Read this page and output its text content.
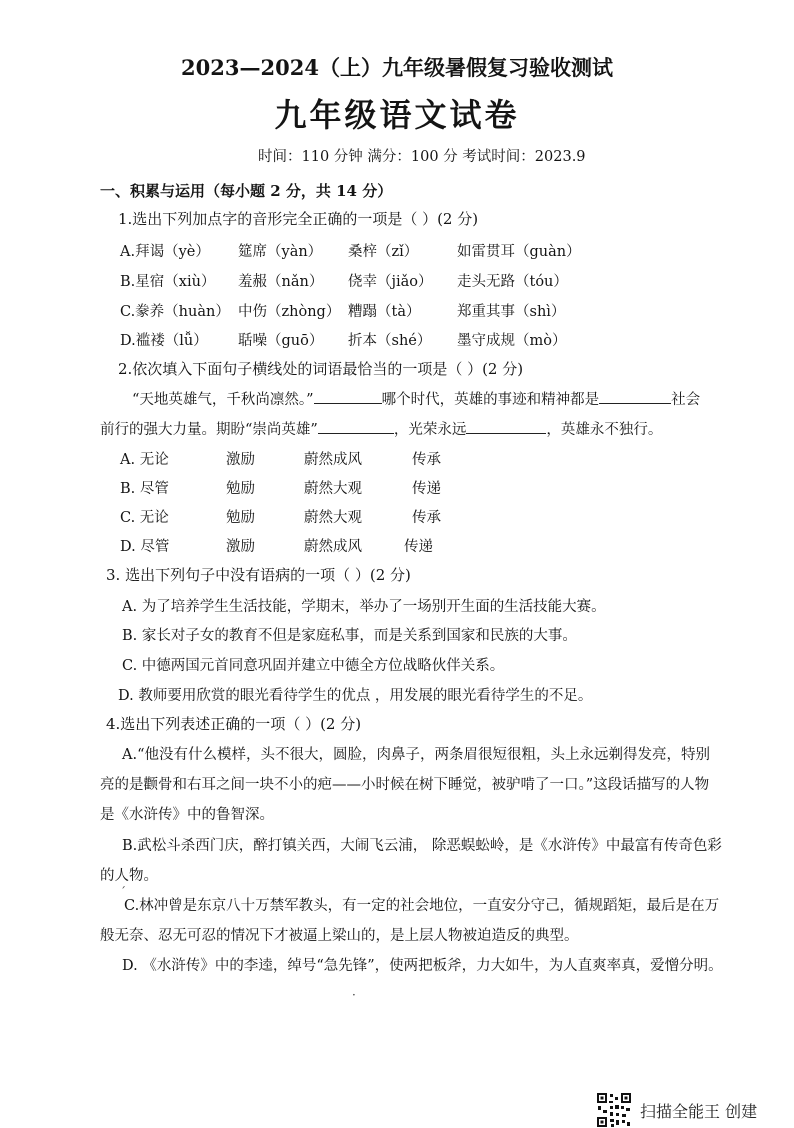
2023—2024（上）九年级暑假复习验收测试
九年级语文试卷
时间：110 分钟 满分：100 分 考试时间：2023.9
一、积累与运用（每小题 2 分，共 14 分）
1.选出下列加点字的音形完全正确的一项是（ ）(2 分)
A.拜谒（yè） 筵席（yàn） 桑梓（zǐ）	如雷贯耳（guàn）
B.星宿（xiù） 羞赧（nǎn） 侥幸（jiǎo） 走头无路（tóu）
C.豢养（huàn） 中伤（zhòng） 糟蹋（tà）	郑重其事（shì）
D.褴褛（lǚ） 聒噪（guō） 折本（shé） 墨守成规（mò）
2.依次填入下面句子横线处的词语最恰当的一项是（ ）(2 分)
“天地英雄气，千秋尚凛然。”	哪个时代，英雄的事迹和精神都是	社会
前行的强大力量。期盼“崇尚英雄”	，光荣永远	，英雄永不独行。
A. 无论	激励	蔚然成风	传承
B. 尽管	勉励	蔚然大观	传递
C. 无论	勉励	蔚然大观	传承
D. 尽管	激励	蔚然成风	传递
3. 选出下列句子中没有语病的一项（ ）(2 分)
A. 为了培养学生生活技能，学期末，举办了一场别开生面的生活技能大赛。
B. 家长对子女的教育不但是家庭私事，而是关系到国家和民族的大事。
C. 中德两国元首同意巩固并建立中德全方位战略伙伴关系。
D. 教师要用欣赏的眼光看待学生的优点 ，用发展的眼光看待学生的不足。
4.选出下列表述正确的一项（ ）(2 分)
A.“他没有什么模样，头不很大，圆脸，肉鼻子，两条眉很短很粗，头上永远剃得发亮，特别
亮的是颧骨和右耳之间一块不小的疤——小时候在树下睡觉，被驴啃了一口。”这段话描写的人物
是《水浒传》中的鲁智深。
B.武松斗杀西门庆，醉打镇关西，大闹飞云浦， 除恶蜈蚣岭，是《水浒传》中最富有传奇色彩
的人物。
C.林冲曾是东京八十万禁军教头，有一定的社会地位，一直安分守己，循规蹈矩，最后是在万
般无奈、忍无可忍的情况下才被逼上梁山的，是上层人物被迫造反的典型。
D. 《水浒传》中的李逵，绰号“急先锋”，使两把板斧，力大如牛，为人直爽率真，爱憎分明。
ˊ
·
扫描全能王 创建
